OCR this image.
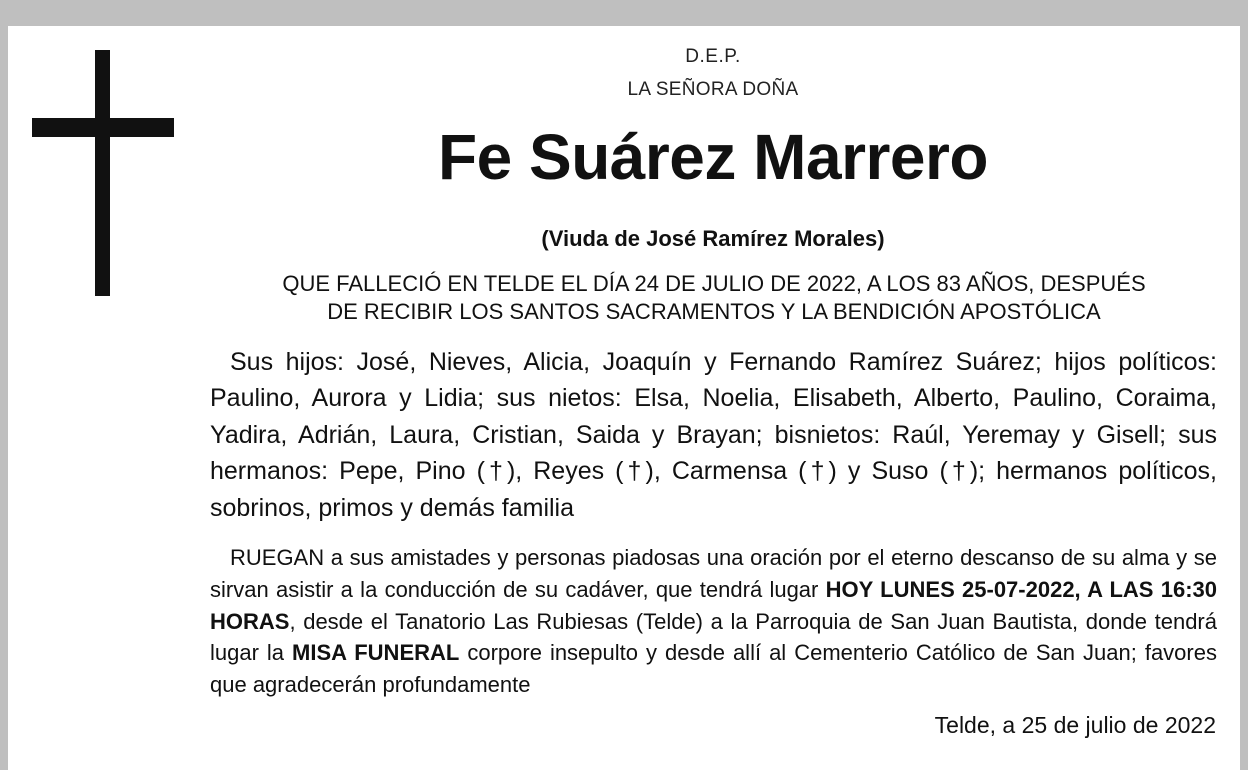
D.E.P.
LA SEÑORA DOÑA
Fe Suárez Marrero
(Viuda de José Ramírez Morales)
QUE FALLECIÓ EN TELDE EL DÍA 24 DE JULIO DE 2022, A LOS 83 AÑOS, DESPUÉS
DE RECIBIR LOS SANTOS SACRAMENTOS Y LA BENDICIÓN APOSTÓLICA
Sus hijos: José, Nieves, Alicia, Joaquín y Fernando Ramírez Suárez; hijos políticos: Paulino, Aurora y Lidia; sus nietos: Elsa, Noelia, Elisabeth, Alberto, Paulino, Coraima, Yadira, Adrián, Laura, Cristian, Saida y Brayan; bisnietos: Raúl, Yeremay y Gisell; sus hermanos: Pepe, Pino (†), Reyes (†), Carmensa (†) y Suso (†); hermanos políticos, sobrinos, primos y demás familia
RUEGAN a sus amistades y personas piadosas una oración por el eterno descanso de su alma y se sirvan asistir a la conducción de su cadáver, que tendrá lugar HOY LUNES 25-07-2022, A LAS 16:30 HORAS, desde el Tanatorio Las Rubiesas (Telde) a la Parroquia de San Juan Bautista, donde tendrá lugar la MISA FUNERAL corpore insepulto y desde allí al Cementerio Católico de San Juan; favores que agradecerán profundamente
Telde, a 25 de julio de 2022
